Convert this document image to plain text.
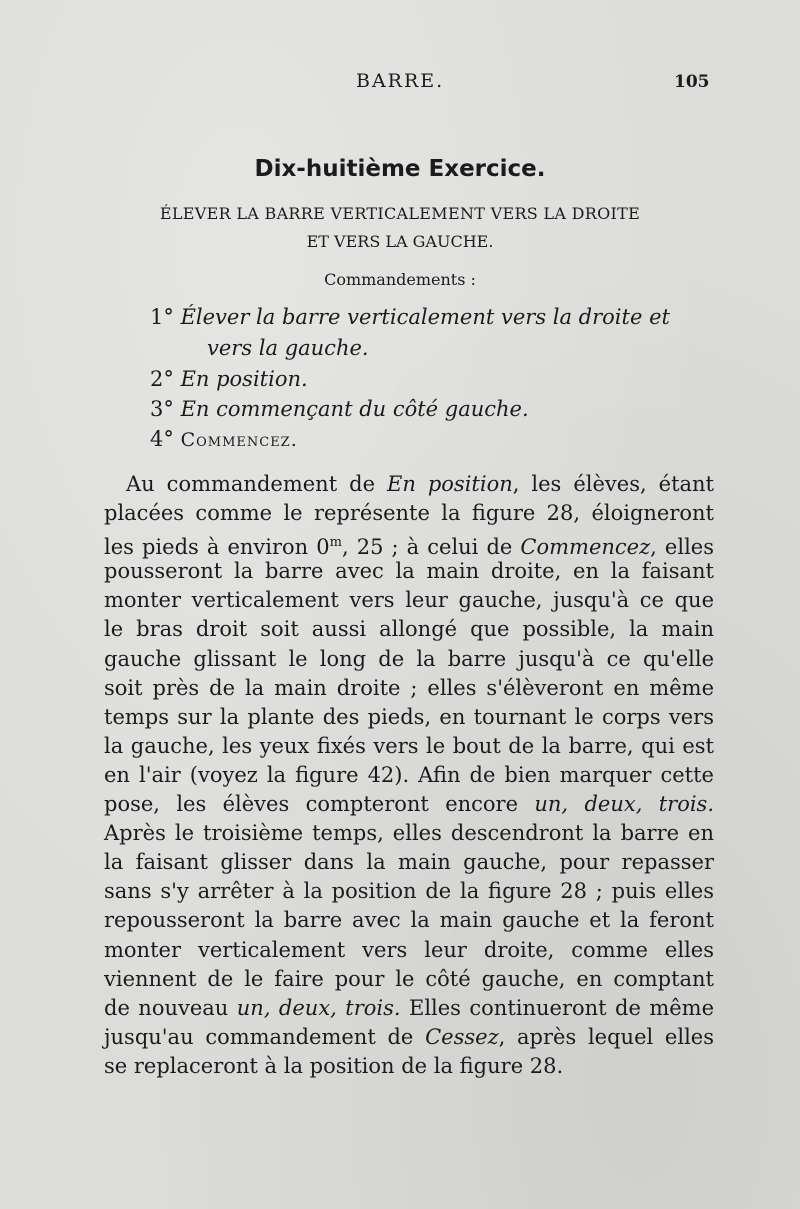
BARRE.	105
Dix-huitième Exercice.
ÉLEVER LA BARRE VERTICALEMENT VERS LA DROITE
ET VERS LA GAUCHE.
Commandements :
1° Élever la barre verticalement vers la droite et
vers la gauche.
2° En position.
3° En commençant du côté gauche.
4° Commencez.
Au commandement de En position, les élèves, étant
placées comme le représente la figure 28, éloigneront
les pieds à environ 0$^m$, 25 ; à celui de Commencez, elles
pousseront la barre avec la main droite, en la faisant
monter verticalement vers leur gauche, jusqu'à ce que
le bras droit soit aussi allongé que possible, la main
gauche glissant le long de la barre jusqu'à ce qu'elle
soit près de la main droite ; elles s'élèveront en même
temps sur la plante des pieds, en tournant le corps vers
la gauche, les yeux fixés vers le bout de la barre, qui est
en l'air (voyez la figure 42). Afin de bien marquer cette
pose, les élèves compteront encore un, deux, trois.
Après le troisième temps, elles descendront la barre en
la faisant glisser dans la main gauche, pour repasser
sans s'y arrêter à la position de la figure 28 ; puis elles
repousseront la barre avec la main gauche et la feront
monter verticalement vers leur droite, comme elles
viennent de le faire pour le côté gauche, en comptant
de nouveau un, deux, trois. Elles continueront de même
jusqu'au commandement de Cessez, après lequel elles
se replaceront à la position de la figure 28.
